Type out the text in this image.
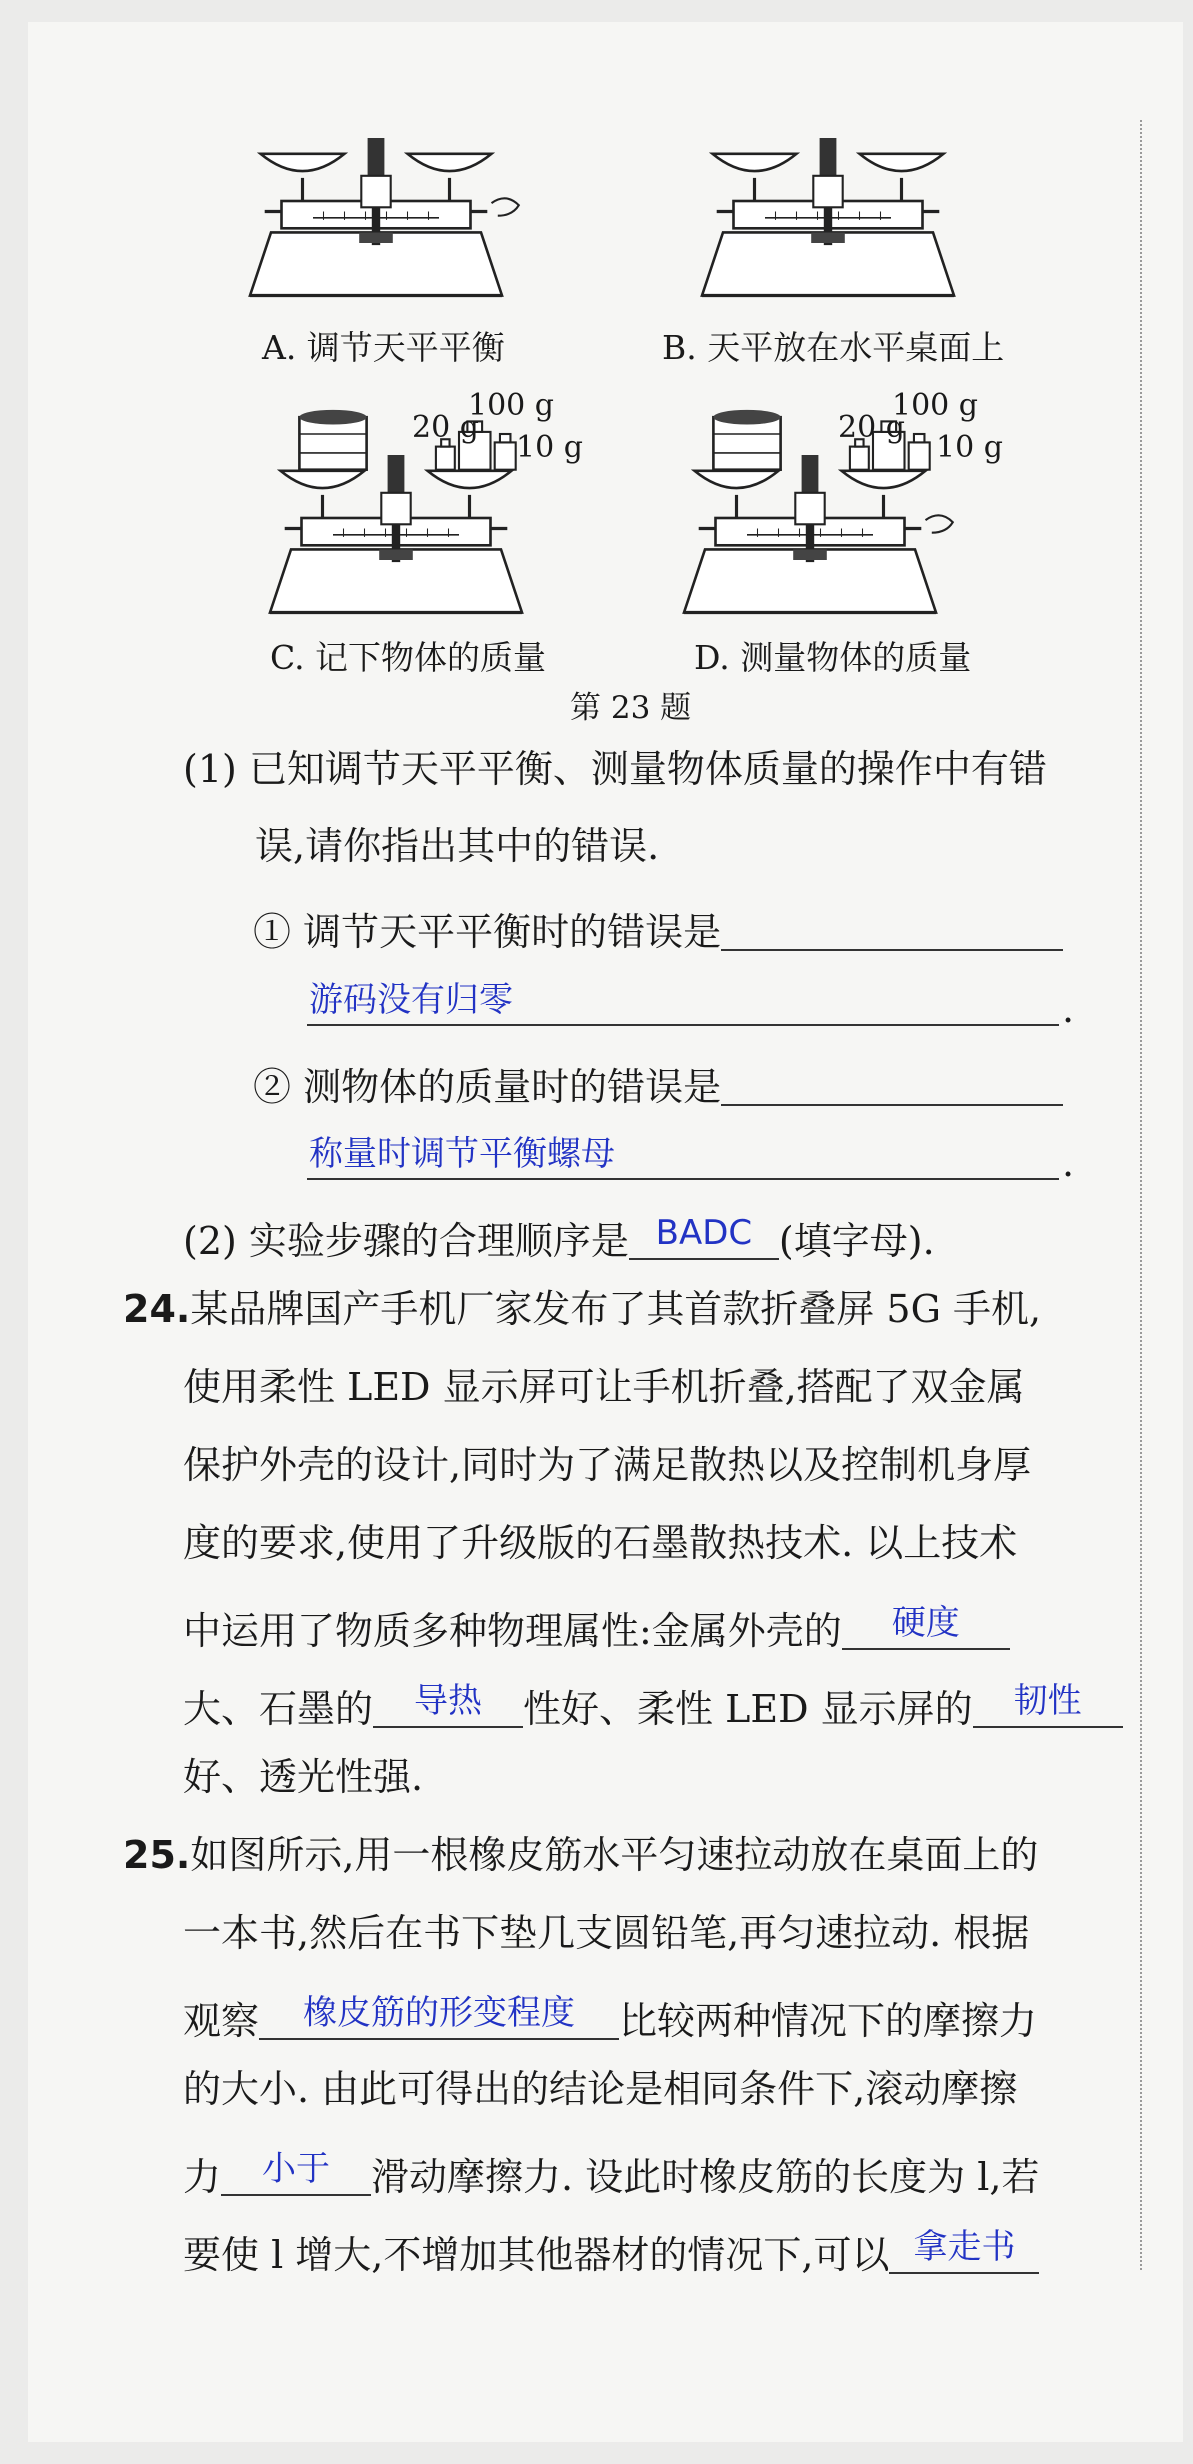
20 g
100 g
10 g
20 g
100 g
10 g
A. 调节天平平衡	B. 天平放在水平桌面上
C. 记下物体的质量	D. 测量物体的质量
第 23 题
(1) 已知调节天平平衡、测量物体质量的操作中有错
误,请你指出其中的错误.
① 调节天平平衡时的错误是
游码没有归零	.
② 测物体的质量时的错误是
称量时调节平衡螺母	.
(2) 实验步骤的合理顺序是 BADC (填字母).
24.某品牌国产手机厂家发布了其首款折叠屏 5G 手机,
使用柔性 LED 显示屏可让手机折叠,搭配了双金属
保护外壳的设计,同时为了满足散热以及控制机身厚
度的要求,使用了升级版的石墨散热技术. 以上技术
中运用了物质多种物理属性:金属外壳的	硬度
大、石墨的	导热	性好、柔性 LED 显示屏的	韧性
好、透光性强.
25.如图所示,用一根橡皮筋水平匀速拉动放在桌面上的
一本书,然后在书下垫几支圆铅笔,再匀速拉动. 根据
观察	橡皮筋的形变程度	比较两种情况下的摩擦力
的大小. 由此可得出的结论是相同条件下,滚动摩擦
力	小于	滑动摩擦力. 设此时橡皮筋的长度为 l,若
要使 l 增大,不增加其他器材的情况下,可以 拿走书
